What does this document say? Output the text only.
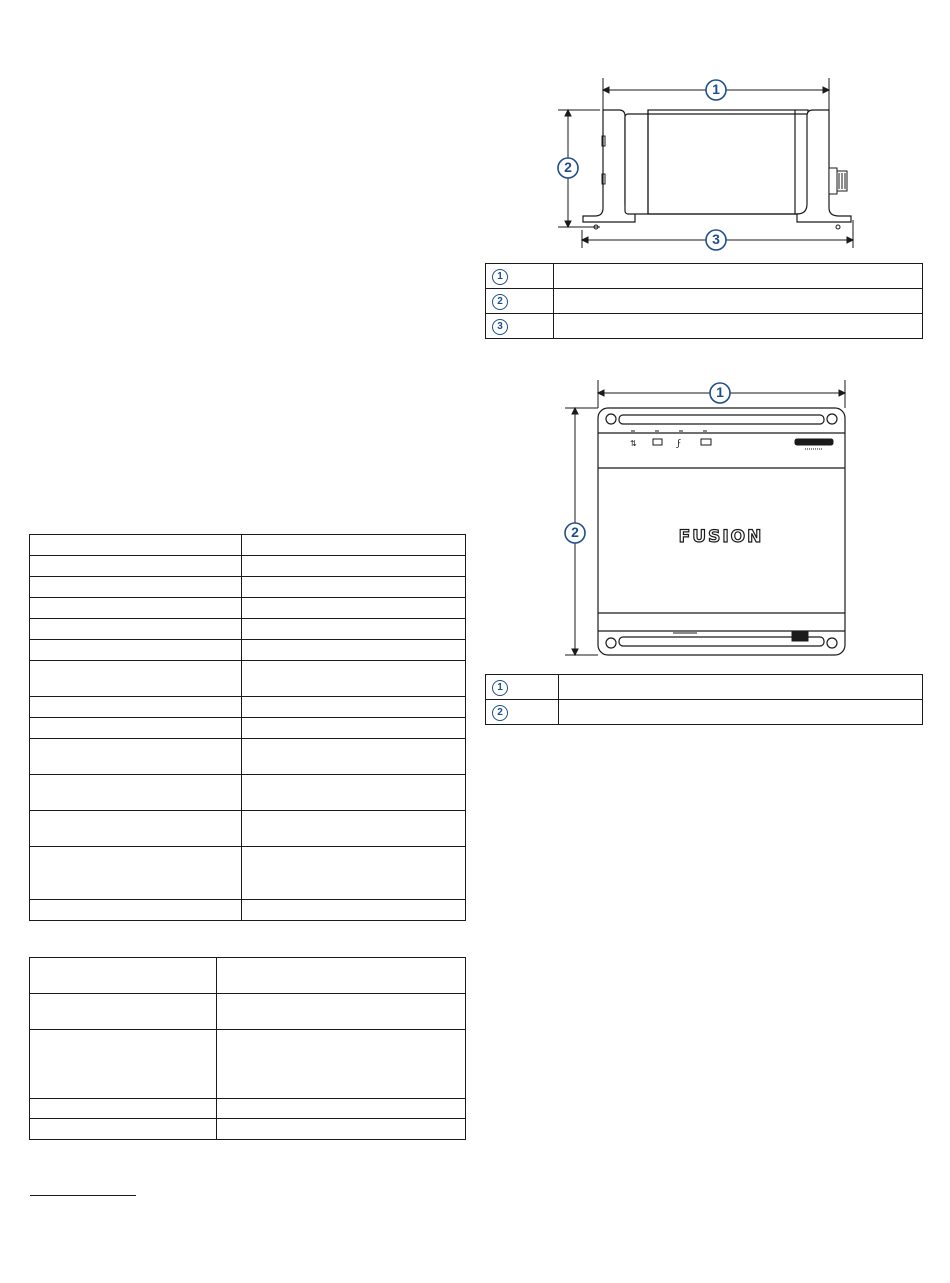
1
2
3
1	
2	
3	
⇅	ϝ
FUSION
1
2
1	
2	
